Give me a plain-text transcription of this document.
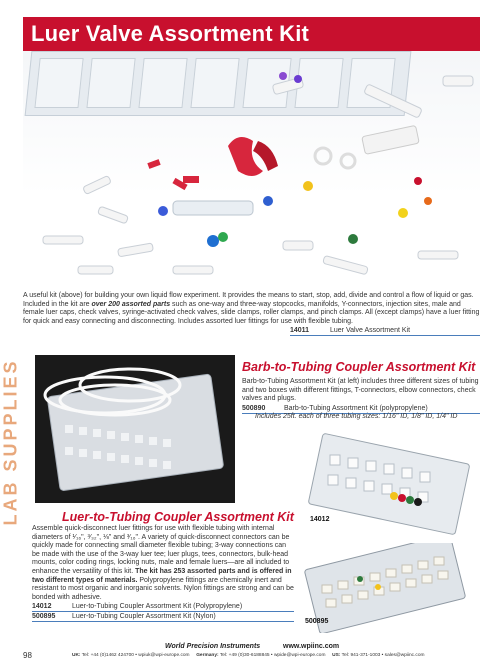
Luer Valve Assortment Kit
A useful kit (above) for building your own liquid flow experiment. It provides the means to start, stop, add, divide and control a flow of liquid or gas. Included in the kit are over 200 assorted parts such as one-way and three-way stopcocks, manifolds, Y-connectors, injection sites, male and female luer caps, check valves, syringe-activated check valves, slide clamps, roller clamps, and pinch clamps. All (except clamps) have a luer fitting for quick and easy connecting and disconnecting. Includes assorted luer fittings for use with flexible tubing.
14011	Luer Valve Assortment Kit
LAB SUPPLIES	Barb-to-Tubing Coupler Assortment Kit
Barb-to-Tubing Assortment Kit (at left) includes three different sizes of tubing and two boxes with different fittings, T-connectors, elbow connectors, check valves and plugs.
500890	Barb-to-Tubing Assortment Kit (polypropylene)
Includes 25ft. each of three tubing sizes: 1/16" ID, 1/8" ID, 1/4" ID
14012
Luer-to-Tubing Coupler Assortment Kit
Assemble quick-disconnect luer fittings for use with flexible tubing with internal diameters of ¹⁄₁₆", ³⁄₃₂", ⅛" and ³⁄₁₆". A variety of quick-disconnect connectors can be quickly made for connecting small diameter flexible tubing; 3-way connections can be made with the use of the 3-way luer tee; luer plugs, tees, connectors, bulk-head mounts, color coding rings, locking nuts, male and female luers—are all included to enhance the versatility of this kit. The kit has 253 assorted parts and is offered in two different types of materials. Polypropylene fittings are chemically inert and resistant to most organic and inorganic solvents. Nylon fittings are strong and can be bonded with adhesive.
14012	Luer-to-Tubing Coupler Assortment Kit (Polypropylene)
500895 Luer-to-Tubing Coupler Assortment Kit (Nylon)
500895
98
World Precision Instruments	www.wpiinc.com
UK: Tel: +44 (0)1462 424700 • wpiuk@wpi-europe.com Germany: Tel: +49 (0)30-6188845 • wpide@wpi-europe.com US: Tel: 941-371-1003 • sales@wpiinc.com
